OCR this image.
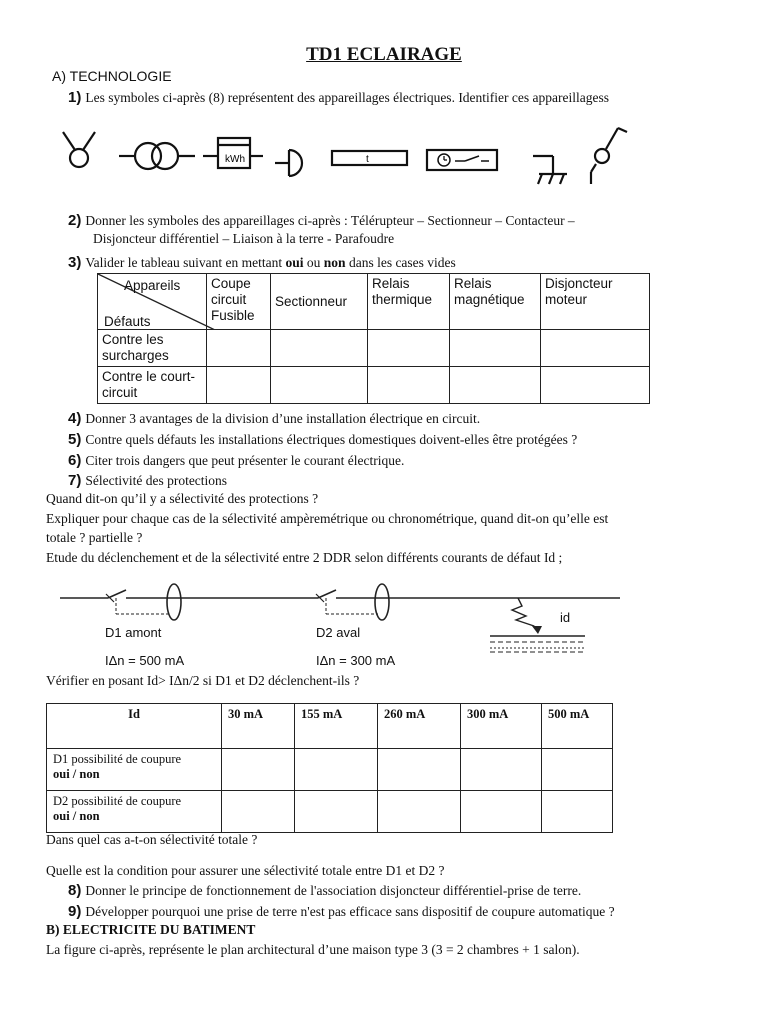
TD1 ECLAIRAGE
A) TECHNOLOGIE
1) Les symboles ci-après (8) représentent des appareillages électriques. Identifier ces appareillagess
kWh	t
2) Donner les symboles des appareillages ci-après : Télérupteur – Sectionneur – Contacteur –
Disjoncteur différentiel – Liaison à la terre - Parafoudre
3) Valider le tableau suivant en mettant oui ou non dans les cases vides
Appareils
Défauts	Coupe circuit Fusible	Sectionneur	Relais thermique	Relais magnétique	Disjoncteur moteur
Contre les surcharges					
Contre le court-circuit					
4) Donner 3 avantages de la division d’une installation électrique en circuit.
5) Contre quels défauts les installations électriques domestiques doivent-elles être protégées ?
6) Citer trois dangers que peut présenter le courant électrique.
7) Sélectivité des protections
Quand dit-on qu’il y a sélectivité des protections ?
Expliquer pour chaque cas de la sélectivité ampèremétrique ou chronométrique, quand dit-on qu’elle est
totale ? partielle ?
Etude du déclenchement et de la sélectivité entre 2 DDR selon différents courants de défaut Id ;
D1 amont
IΔn = 500 mA
D2 aval
IΔn = 300 mA
id
Vérifier en posant Id> IΔn/2 si D1 et D2 déclenchent-ils ?
Id	30 mA	155 mA	260 mA	300 mA	500 mA
D1 possibilité de coupure
oui / non					
D2 possibilité de coupure
oui / non					
Dans quel cas a-t-on sélectivité totale ?
Quelle est la condition pour assurer une sélectivité totale entre D1 et D2 ?
8) Donner le principe de fonctionnement de l'association disjoncteur différentiel-prise de terre.
9) Développer pourquoi une prise de terre n'est pas efficace sans dispositif de coupure automatique ?
B) ELECTRICITE DU BATIMENT
La figure ci-après, représente le plan architectural d’une maison type 3 (3 = 2 chambres + 1 salon).
